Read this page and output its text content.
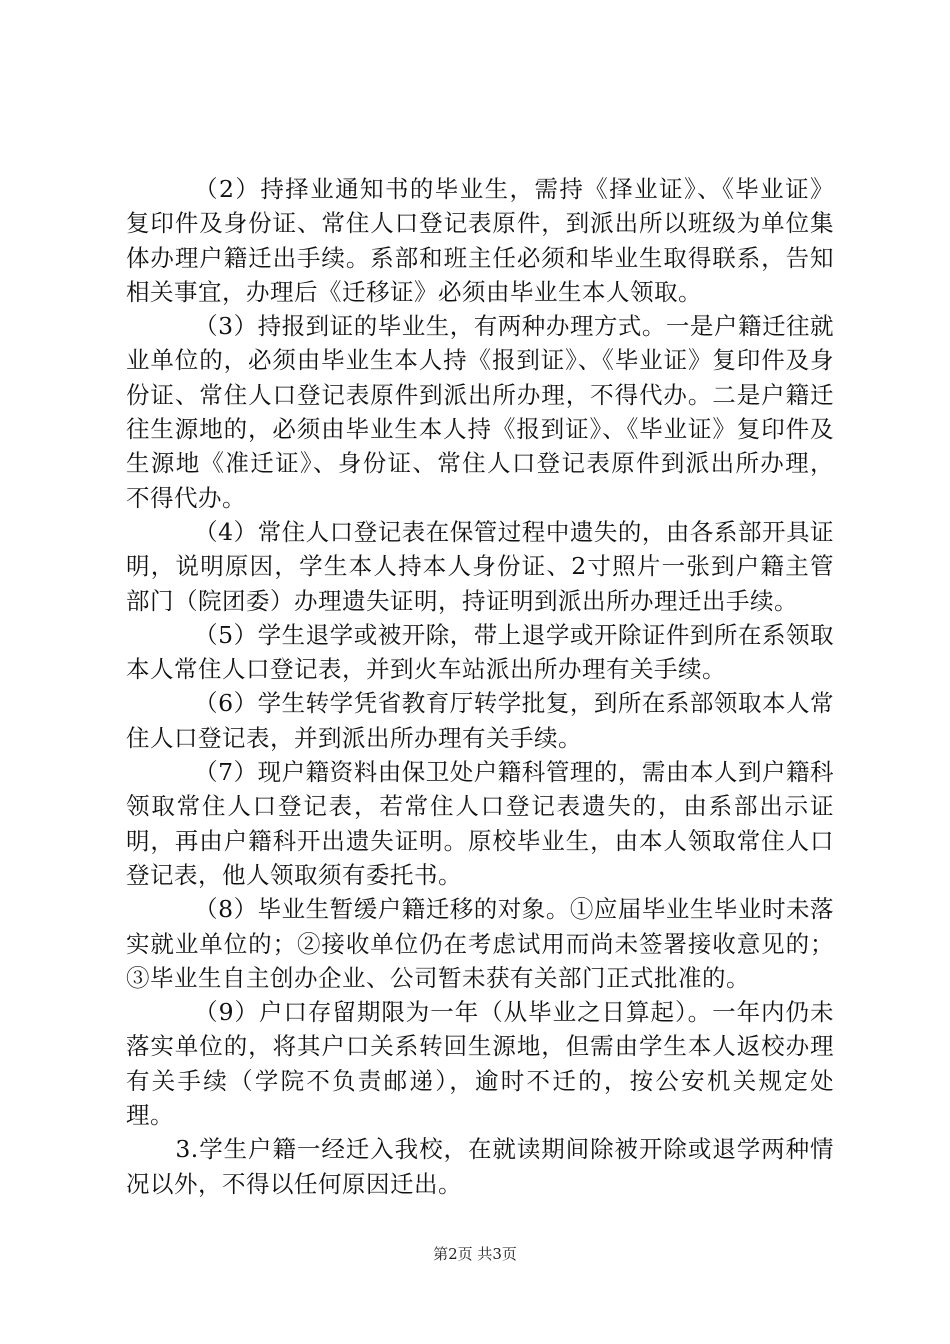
（2）持择业通知书的毕业生，需持《择业证》、《毕业证》复印件及身份证、常住人口登记表原件，到派出所以班级为单位集体办理户籍迁出手续。系部和班主任必须和毕业生取得联系，告知相关事宜，办理后《迁移证》必须由毕业生本人领取。

（3）持报到证的毕业生，有两种办理方式。一是户籍迁往就业单位的，必须由毕业生本人持《报到证》、《毕业证》复印件及身份证、常住人口登记表原件到派出所办理，不得代办。二是户籍迁往生源地的，必须由毕业生本人持《报到证》、《毕业证》复印件及生源地《准迁证》、身份证、常住人口登记表原件到派出所办理，不得代办。

（4）常住人口登记表在保管过程中遗失的，由各系部开具证明，说明原因，学生本人持本人身份证、2寸照片一张到户籍主管部门（院团委）办理遗失证明，持证明到派出所办理迁出手续。

（5）学生退学或被开除，带上退学或开除证件到所在系领取本人常住人口登记表，并到火车站派出所办理有关手续。

（6）学生转学凭省教育厅转学批复，到所在系部领取本人常住人口登记表，并到派出所办理有关手续。

（7）现户籍资料由保卫处户籍科管理的，需由本人到户籍科领取常住人口登记表，若常住人口登记表遗失的，由系部出示证明，再由户籍科开出遗失证明。原校毕业生，由本人领取常住人口登记表，他人领取须有委托书。

（8）毕业生暂缓户籍迁移的对象。①应届毕业生毕业时未落实就业单位的；②接收单位仍在考虑试用而尚未签署接收意见的；③毕业生自主创办企业、公司暂未获有关部门正式批准的。

（9）户口存留期限为一年（从毕业之日算起）。一年内仍未落实单位的，将其户口关系转回生源地，但需由学生本人返校办理有关手续（学院不负责邮递），逾时不迁的，按公安机关规定处理。

3.学生户籍一经迁入我校，在就读期间除被开除或退学两种情况以外，不得以任何原因迁出。

第2页 共3页
